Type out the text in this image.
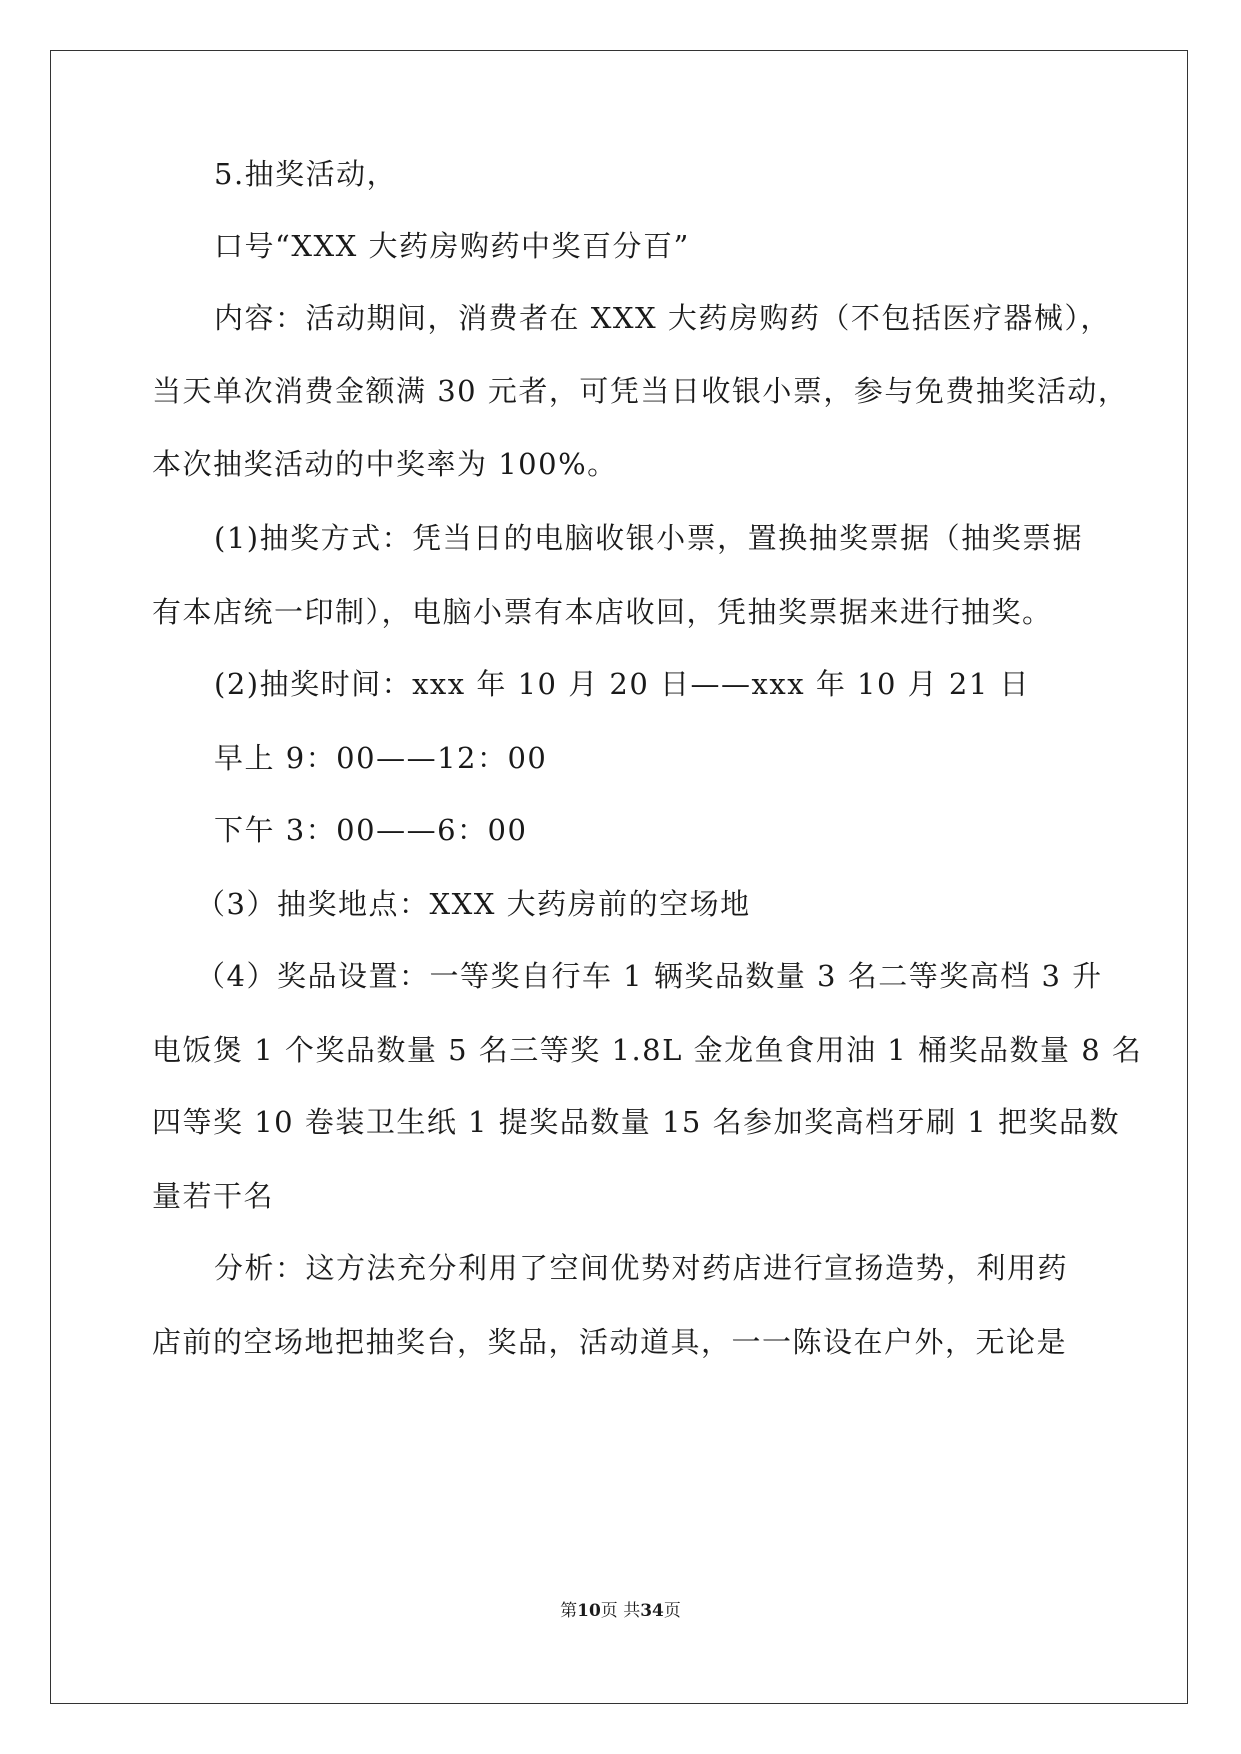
5.抽奖活动，
口号“XXX 大药房购药中奖百分百”
内容：活动期间，消费者在 XXX 大药房购药（不包括医疗器械），
当天单次消费金额满 30 元者，可凭当日收银小票，参与免费抽奖活动，
本次抽奖活动的中奖率为 100%。
(1)抽奖方式：凭当日的电脑收银小票，置换抽奖票据（抽奖票据
有本店统一印制），电脑小票有本店收回，凭抽奖票据来进行抽奖。
(2)抽奖时间：xxx 年 10 月 20 日——xxx 年 10 月 21 日
早上 9：00——12：00
下午 3：00——6：00
（3）抽奖地点：XXX 大药房前的空场地
（4）奖品设置：一等奖自行车 1 辆奖品数量 3 名二等奖高档 3 升
电饭煲 1 个奖品数量 5 名三等奖 1.8L 金龙鱼食用油 1 桶奖品数量 8 名
四等奖 10 卷装卫生纸 1 提奖品数量 15 名参加奖高档牙刷 1 把奖品数
量若干名
分析：这方法充分利用了空间优势对药店进行宣扬造势，利用药
店前的空场地把抽奖台，奖品，活动道具，一一陈设在户外，无论是
第10页 共34页
